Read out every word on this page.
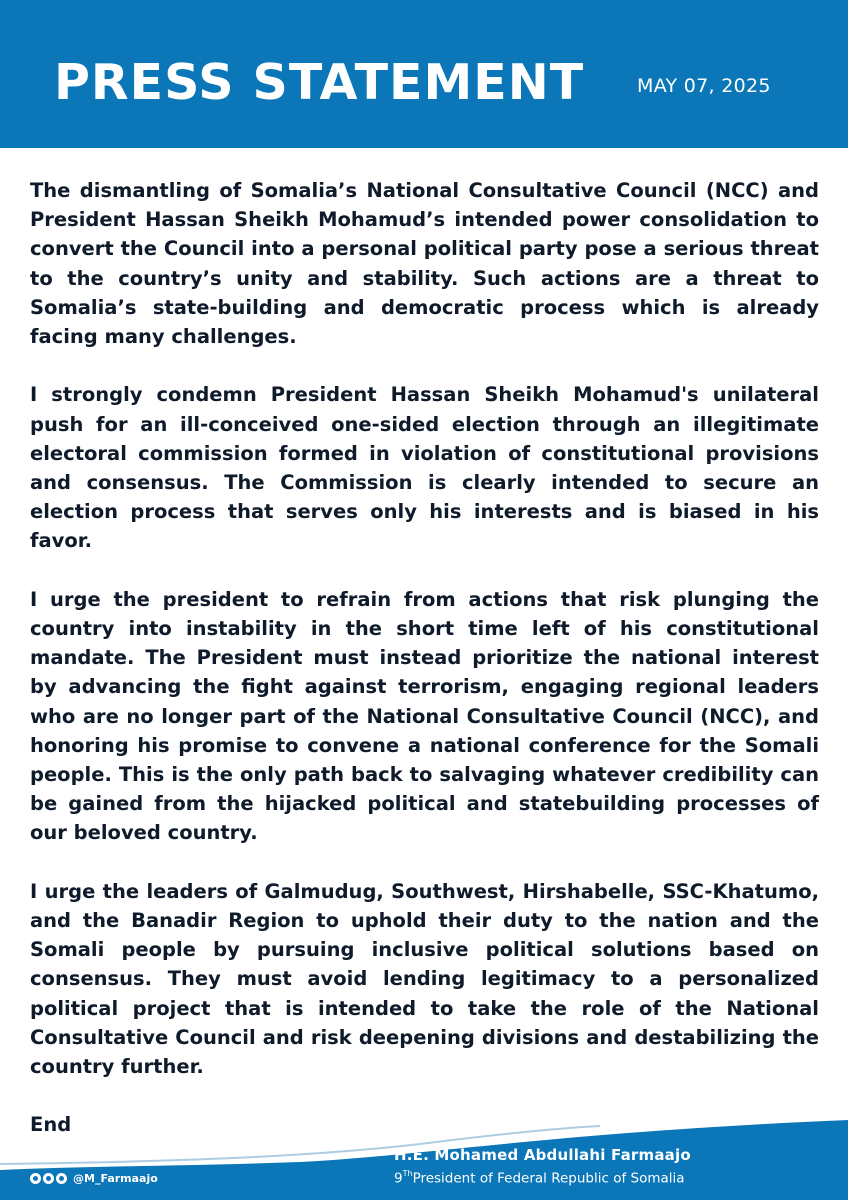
PRESS STATEMENT	MAY 07, 2025

The dismantling of Somalia’s National Consultative Council (NCC) and President Hassan Sheikh Mohamud’s intended power consolidation to convert the Council into a personal political party pose a serious threat to the country’s unity and stability. Such actions are a threat to Somalia’s state-building and democratic process which is already facing many challenges.

I strongly condemn President Hassan Sheikh Mohamud's unilateral push for an ill-conceived one-sided election through an illegitimate electoral commission formed in violation of constitutional provisions and consensus. The Commission is clearly intended to secure an election process that serves only his interests and is biased in his favor.

I urge the president to refrain from actions that risk plunging the country into instability in the short time left of his constitutional mandate. The President must instead prioritize the national interest by advancing the fight against terrorism, engaging regional leaders who are no longer part of the National Consultative Council (NCC), and honoring his promise to convene a national conference for the Somali people. This is the only path back to salvaging whatever credibility can be gained from the hijacked political and statebuilding processes of our beloved country.

I urge the leaders of Galmudug, Southwest, Hirshabelle, SSC-Khatumo, and the Banadir Region to uphold their duty to the nation and the Somali people by pursuing inclusive political solutions based on consensus. They must avoid lending legitimacy to a personalized political project that is intended to take the role of the National Consultative Council and risk deepening divisions and destabilizing the country further.

End

@M_Farmaajo
H.E. Mohamed Abdullahi Farmaajo
9ThPresident of Federal Republic of Somalia
